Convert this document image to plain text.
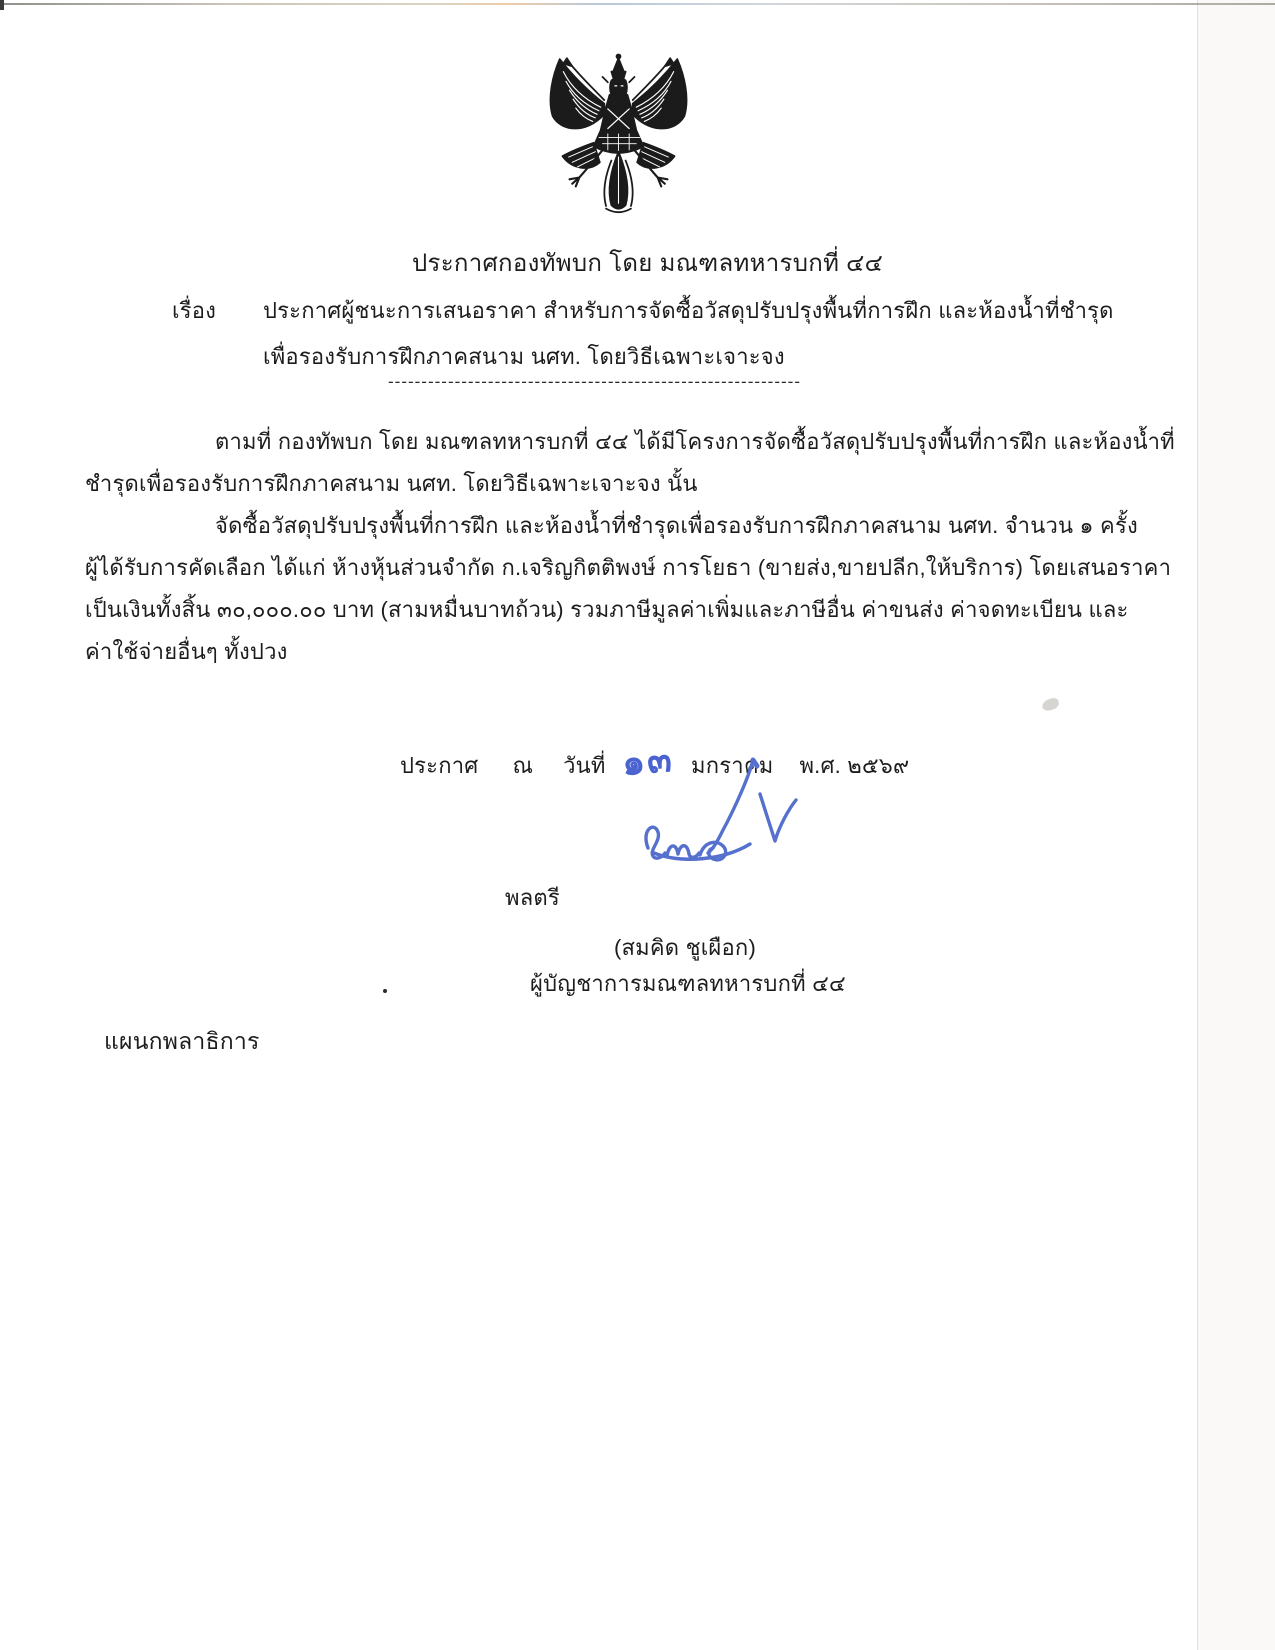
ประกาศกองทัพบก โดย มณฑลทหารบกที่ ๔๔
เรื่อง ประกาศผู้ชนะการเสนอราคา สำหรับการจัดซื้อวัสดุปรับปรุงพื้นที่การฝึก และห้องน้ำที่ชำรุด
เพื่อรองรับการฝึกภาคสนาม นศท. โดยวิธีเฉพาะเจาะจง
--------------------------------------------------------------
ตามที่ กองทัพบก โดย มณฑลทหารบกที่ ๔๔ ได้มีโครงการจัดซื้อวัสดุปรับปรุงพื้นที่การฝึก และห้องน้ำที่
ชำรุดเพื่อรองรับการฝึกภาคสนาม นศท. โดยวิธีเฉพาะเจาะจง นั้น
จัดซื้อวัสดุปรับปรุงพื้นที่การฝึก และห้องน้ำที่ชำรุดเพื่อรองรับการฝึกภาคสนาม นศท. จำนวน ๑ ครั้ง
ผู้ได้รับการคัดเลือก ได้แก่ ห้างหุ้นส่วนจำกัด ก.เจริญกิตติพงษ์ การโยธา (ขายส่ง,ขายปลีก,ให้บริการ) โดยเสนอราคา
เป็นเงินทั้งสิ้น ๓๐,๐๐๐.๐๐ บาท (สามหมื่นบาทถ้วน) รวมภาษีมูลค่าเพิ่มและภาษีอื่น ค่าขนส่ง ค่าจดทะเบียน และ
ค่าใช้จ่ายอื่นๆ ทั้งปวง
ประกาศ ณ วันที่ ๑๓ มกราคม พ.ศ. ๒๕๖๙
พลตรี
(สมคิด ชูเผือก)
ผู้บัญชาการมณฑลทหารบกที่ ๔๔
แผนกพลาธิการ
